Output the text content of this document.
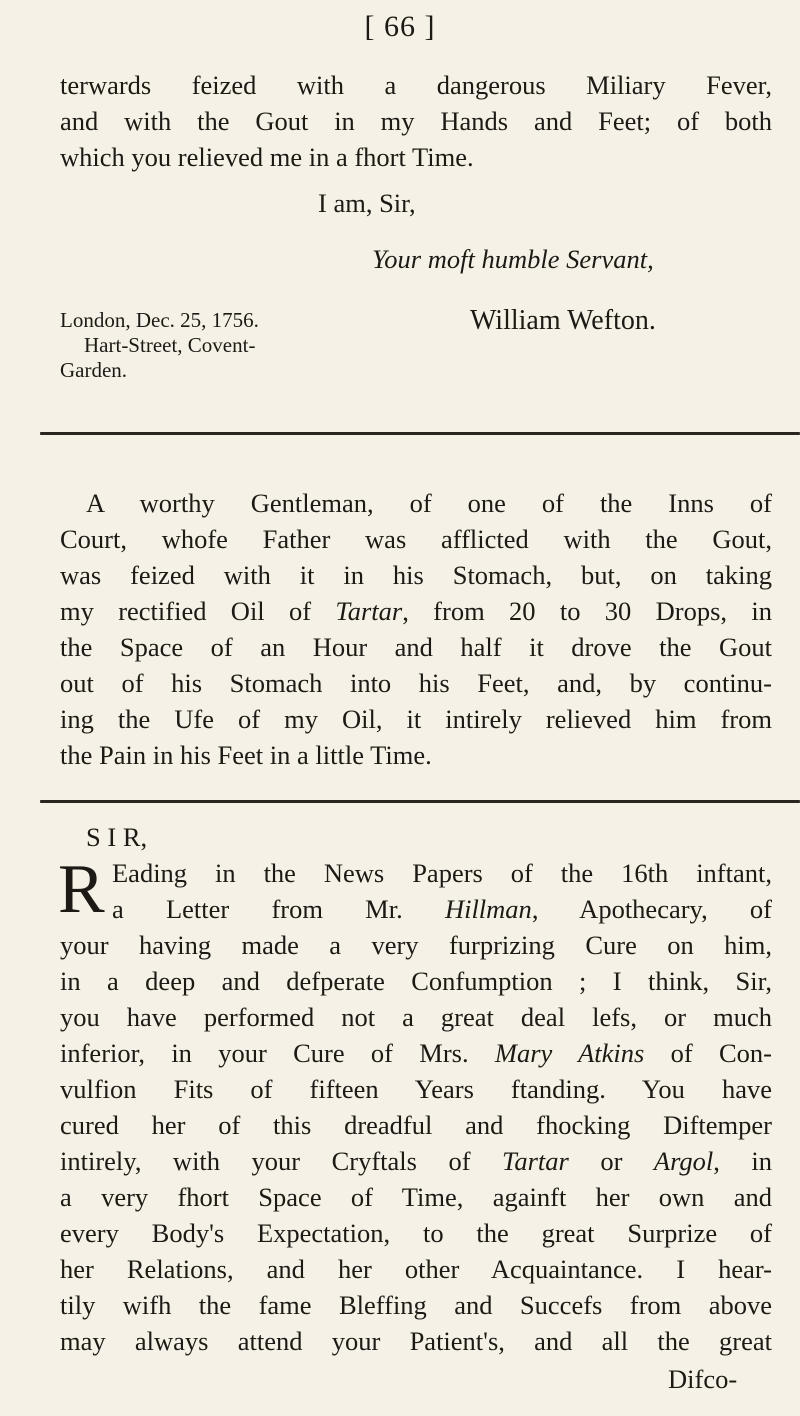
[ 66 ]
terwards feized with a dangerous Miliary Fever,
and with the Gout in my Hands and Feet; of both
which you relieved me in a fhort Time.
I am, Sir,
Your moft humble Servant,
London, Dec. 25, 1756.
Hart-Street, Covent-
Garden.
William Wefton.
A worthy Gentleman, of one of the Inns of
Court, whofe Father was afflicted with the Gout,
was feized with it in his Stomach, but, on taking
my rectified Oil of Tartar, from 20 to 30 Drops, in
the Space of an Hour and half it drove the Gout
out of his Stomach into his Feet, and, by continu-
ing the Ufe of my Oil, it intirely relieved him from
the Pain in his Feet in a little Time.
S I R,
R Eading in the News Papers of the 16th inftant,
a Letter from Mr. Hillman, Apothecary, of
your having made a very furprizing Cure on him,
in a deep and defperate Confumption ; I think, Sir,
you have performed not a great deal lefs, or much
inferior, in your Cure of Mrs. Mary Atkins of Con-
vulfion Fits of fifteen Years ftanding. You have
cured her of this dreadful and fhocking Diftemper
intirely, with your Cryftals of Tartar or Argol, in
a very fhort Space of Time, againft her own and
every Body's Expectation, to the great Surprize of
her Relations, and her other Acquaintance. I hear-
tily wifh the fame Bleffing and Succefs from above
may always attend your Patient's, and all the great
Difco-
